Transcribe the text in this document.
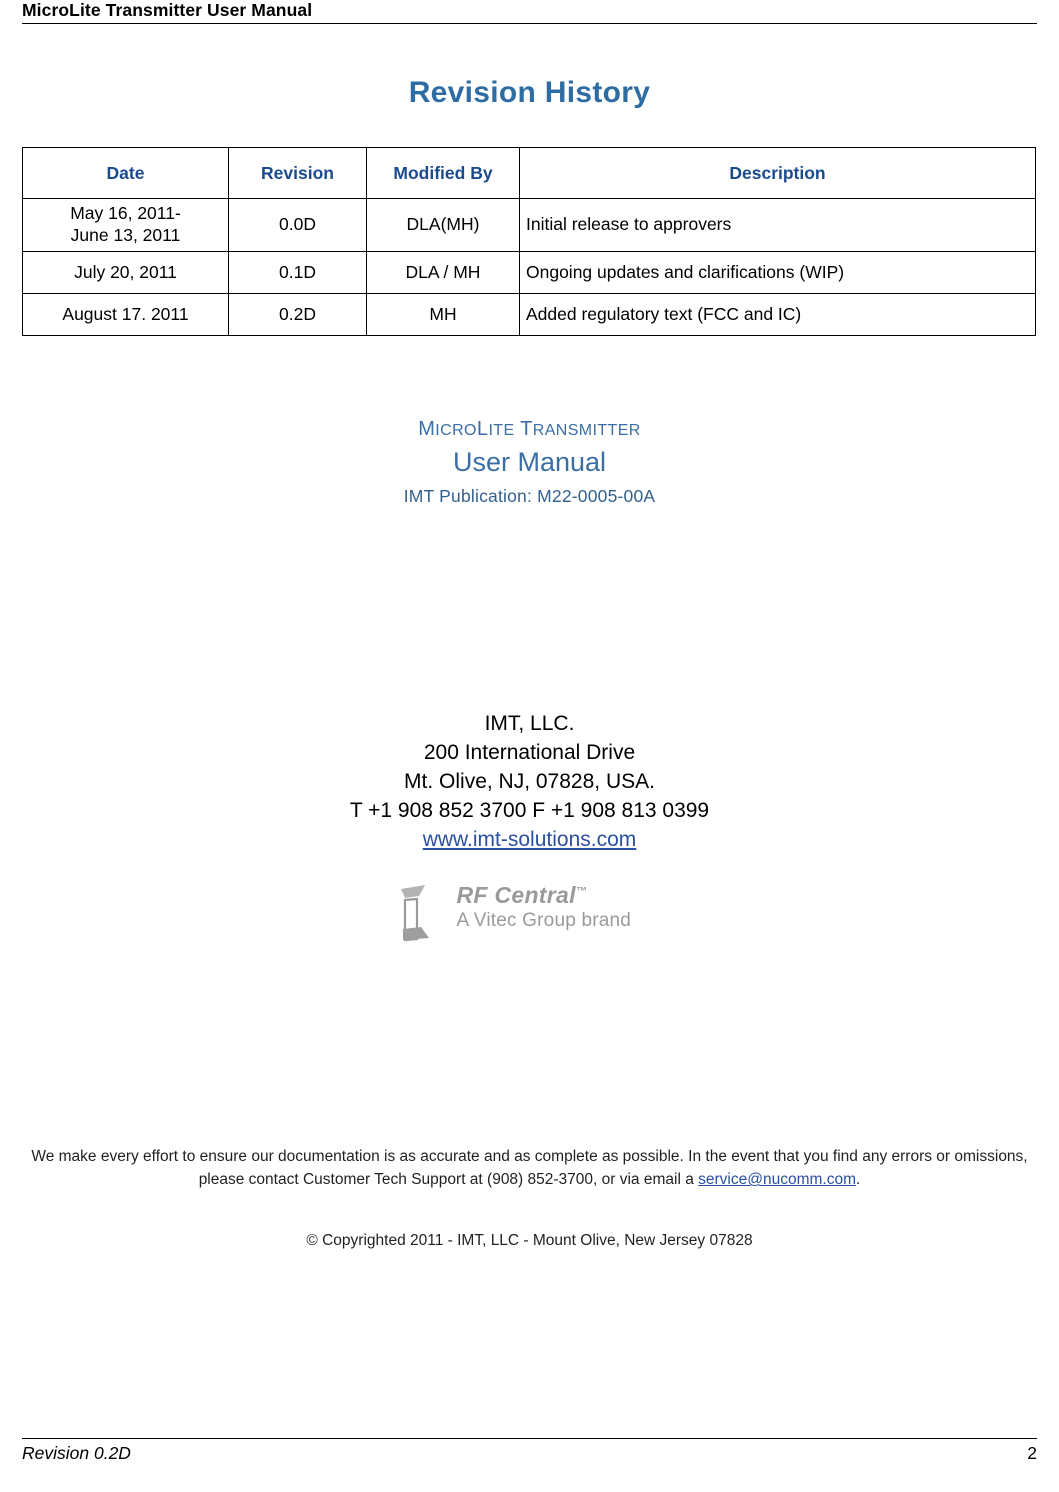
MicroLite Transmitter User Manual
Revision History
Date	Revision	Modified By	Description

May 16, 2011-
June 13, 2011	0.0D	DLA(MH)	Initial release to approvers
July 20, 2011	0.1D	DLA / MH	Ongoing updates and clarifications (WIP)
August 17. 2011	0.2D	MH	Added regulatory text (FCC and IC)
MICROLITE TRANSMITTER
User Manual
IMT Publication: M22-0005-00A
IMT, LLC.
200 International Drive
Mt. Olive, NJ, 07828, USA.
T +1 908 852 3700 F +1 908 813 0399
www.imt-solutions.com
RF Central™
A Vitec Group brand
We make every effort to ensure our documentation is as accurate and as complete as possible. In the event that you find any errors or omissions, please contact Customer Tech Support at (908) 852-3700, or via email a service@nucomm.com.
© Copyrighted 2011 - IMT, LLC - Mount Olive, New Jersey 07828
Revision 0.2D	2
